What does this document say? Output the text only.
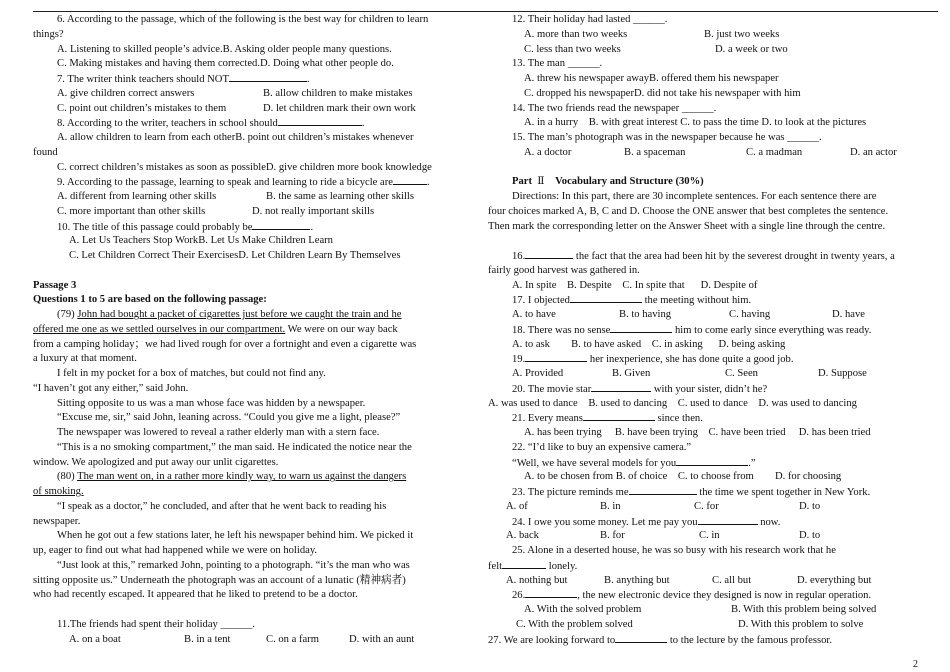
6. According to the passage, which of the following is the best way for children to learn
things?
A. Listening to skilled people’s advice.B. Asking older people many questions.
C. Making mistakes and having them corrected.D. Doing what other people do.
7. The writer think teachers should NOT	.
A. give children correct answers	B. allow children to make mistakes
C. point out children’s mistakes to them	D. let children mark their own work
8. According to the writer, teachers in school should	.
A. allow children to learn from each otherB. point out children’s mistakes whenever
found
C. correct children’s mistakes as soon as possibleD. give children more book knowledge
9. According to the passage, learning to speak and learning to ride a bicycle are	.
A. different from learning other skills	B. the same as learning other skills
C. more important than other skills	D. not really important skills
10. The title of this passage could probably be	.
A. Let Us Teachers Stop WorkB. Let Us Make Children Learn
C. Let Children Correct Their ExercisesD. Let Children Learn By Themselves
Passage 3
Questions 1 to 5 are based on the following passage:
(79) John had bought a packet of cigarettes just before we caught the train and he
offered me one as we settled ourselves in our compartment. We were on our way back
from a camping holiday；we had lived rough for over a fortnight and even a cigarette was
a luxury at that moment.
I felt in my pocket for a box of matches, but could not find any.
“I haven’t got any either,” said John.
Sitting opposite to us was a man whose face was hidden by a newspaper.
“Excuse me, sir,” said John, leaning across. “Could you give me a light, please?”
The newspaper was lowered to reveal a rather elderly man with a stern face.
“This is a no smoking compartment,” the man said. He indicated the notice near the
window. We apologized and put away our unlit cigarettes.
(80) The man went on, in a rather more kindly way, to warn us against the dangers
of smoking.
“I speak as a doctor,” he concluded, and after that he went back to reading his
newspaper.
When he got out a few stations later, he left his newspaper behind him. We picked it
up, eager to find out what had happened while we were on holiday.
“Just look at this,” remarked John, pointing to a photograph. “it’s the man who was
sitting opposite us.” Underneath the photograph was an account of a lunatic (精神病者)
who had recently escaped. It appeared that he liked to pretend to be a doctor.
11.The friends had spent their holiday ______.
A. on a boat	B. in a tent	C. on a farm	D. with an aunt
12. Their holiday had lasted ______.
A. more than two weeks	B. just two weeks
C. less than two weeks	D. a week or two
13. The man ______.
A. threw his newspaper awayB. offered them his newspaper
C. dropped his newspaperD. did not take his newspaper with him
14. The two friends read the newspaper ______.
A. in a hurry    B. with great interest C. to pass the time D. to look at the pictures
15. The man’s photograph was in the newspaper because he was ______.
A. a doctor	B. a spaceman	C. a madman	D. an actor
Part Ⅱ Vocabulary and Structure (30%)
Directions: In this part, there are 30 incomplete sentences. For each sentence there are
four choices marked A, B, C and D. Choose the ONE answer that best completes the sentence.
Then mark the corresponding letter on the Answer Sheet with a single line through the centre.
16.	the fact that the area had been hit by the severest drought in twenty years, a
fairly good harvest was gathered in.
A. In spite    B. Despite    C. In spite that      D. Despite of
17. I objected	the meeting without him.
A. to have	B. to having	C. having	D. have
18. There was no sense	him to come early since everything was ready.
A. to ask        B. to have asked    C. in asking      D. being asking
19.	her inexperience, she has done quite a good job.
A. Provided	B. Given	C. Seen	D. Suppose
20. The movie star	with your sister, didn’t he?
A. was used to dance    B. used to dancing    C. used to dance    D. was used to dancing
21. Every means	since then.
A. has been trying     B. have been trying    C. have been tried     D. has been tried
22. “I’d like to buy an expensive camera.”
“Well, we have several models for you	.”
A. to be chosen from B. of choice    C. to choose from        D. for choosing
23. The picture reminds me	the time we spent together in New York.
A. of	B. in	C. for	D. to
24. I owe you some money. Let me pay you	now.
A. back	B. for	C. in	D. to
25. Alone in a deserted house, he was so busy with his research work that he
felt	lonely.
A. nothing but	B. anything but	C. all but	D. everything but
26.	, the new electronic device they designed is now in regular operation.
A. With the solved problem	B. With this problem being solved
C. With the problem solved	D. With this problem to solve
27. We are looking forward to	to the lecture by the famous professor.
2
